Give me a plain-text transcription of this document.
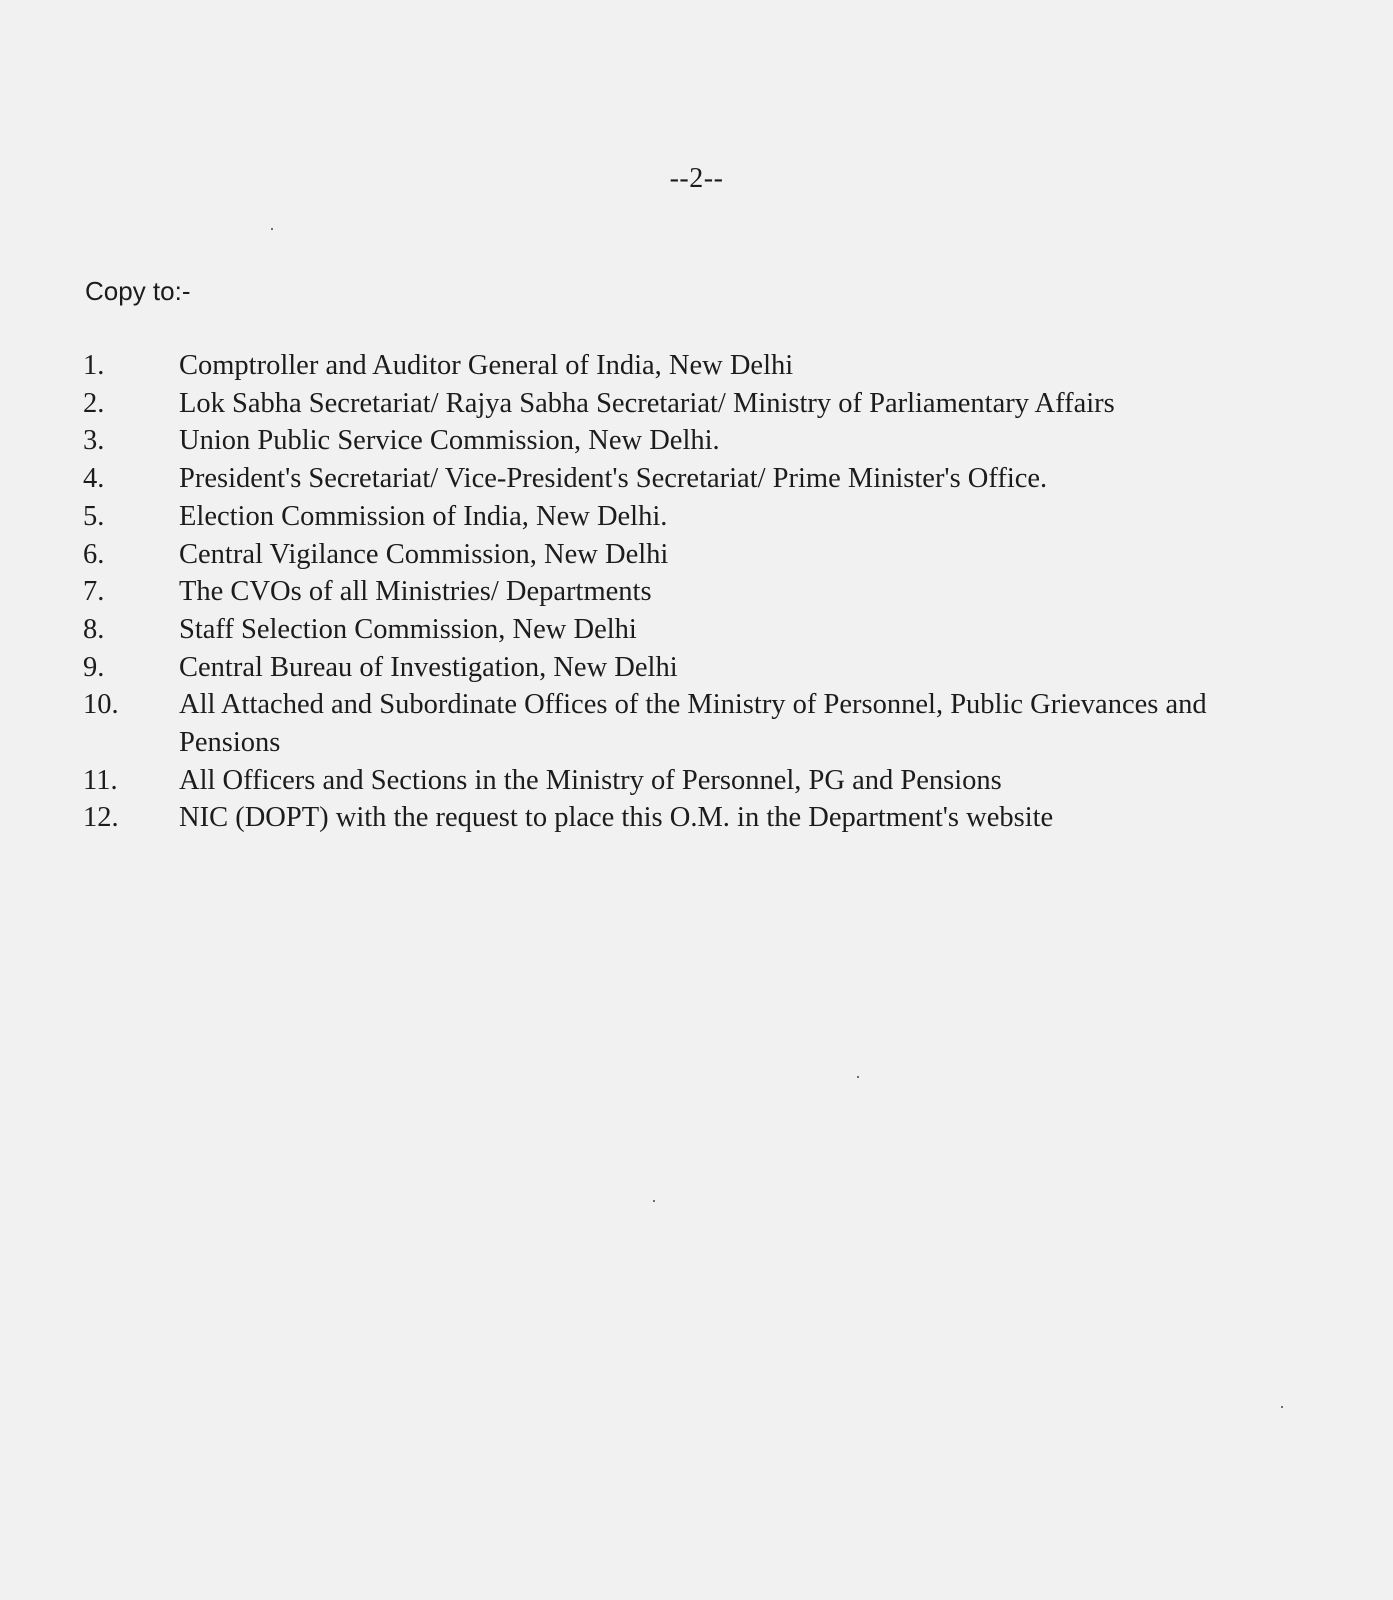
--2--
Copy to:-
1.	Comptroller and Auditor General of India, New Delhi
2.	Lok Sabha Secretariat/ Rajya Sabha Secretariat/ Ministry of Parliamentary Affairs
3.	Union Public Service Commission, New Delhi.
4.	President's Secretariat/ Vice-President's Secretariat/ Prime Minister's Office.
5.	Election Commission of India, New Delhi.
6.	Central Vigilance Commission, New Delhi
7.	The CVOs of all Ministries/ Departments
8.	Staff Selection Commission, New Delhi
9.	Central Bureau of Investigation, New Delhi
10.	All Attached and Subordinate Offices of the Ministry of Personnel, Public Grievances and Pensions
11.	All Officers and Sections in the Ministry of Personnel, PG and Pensions
12.	NIC (DOPT) with the request to place this O.M. in the Department's website
